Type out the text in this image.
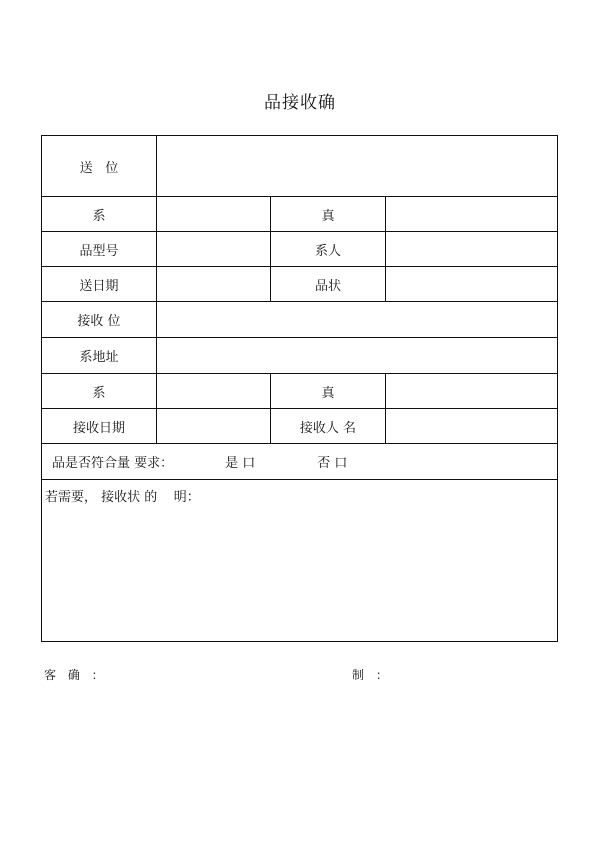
品接收确
送   位			
系		真	
品型号		系人	
送日期		品状	
接收 位			
系地址			
系		真	
接收日期		接收人 名	
品是否符合量 要求： 是 口 否 口			
若需要， 接收状 的    明：			
客 确 ：	制 ：
